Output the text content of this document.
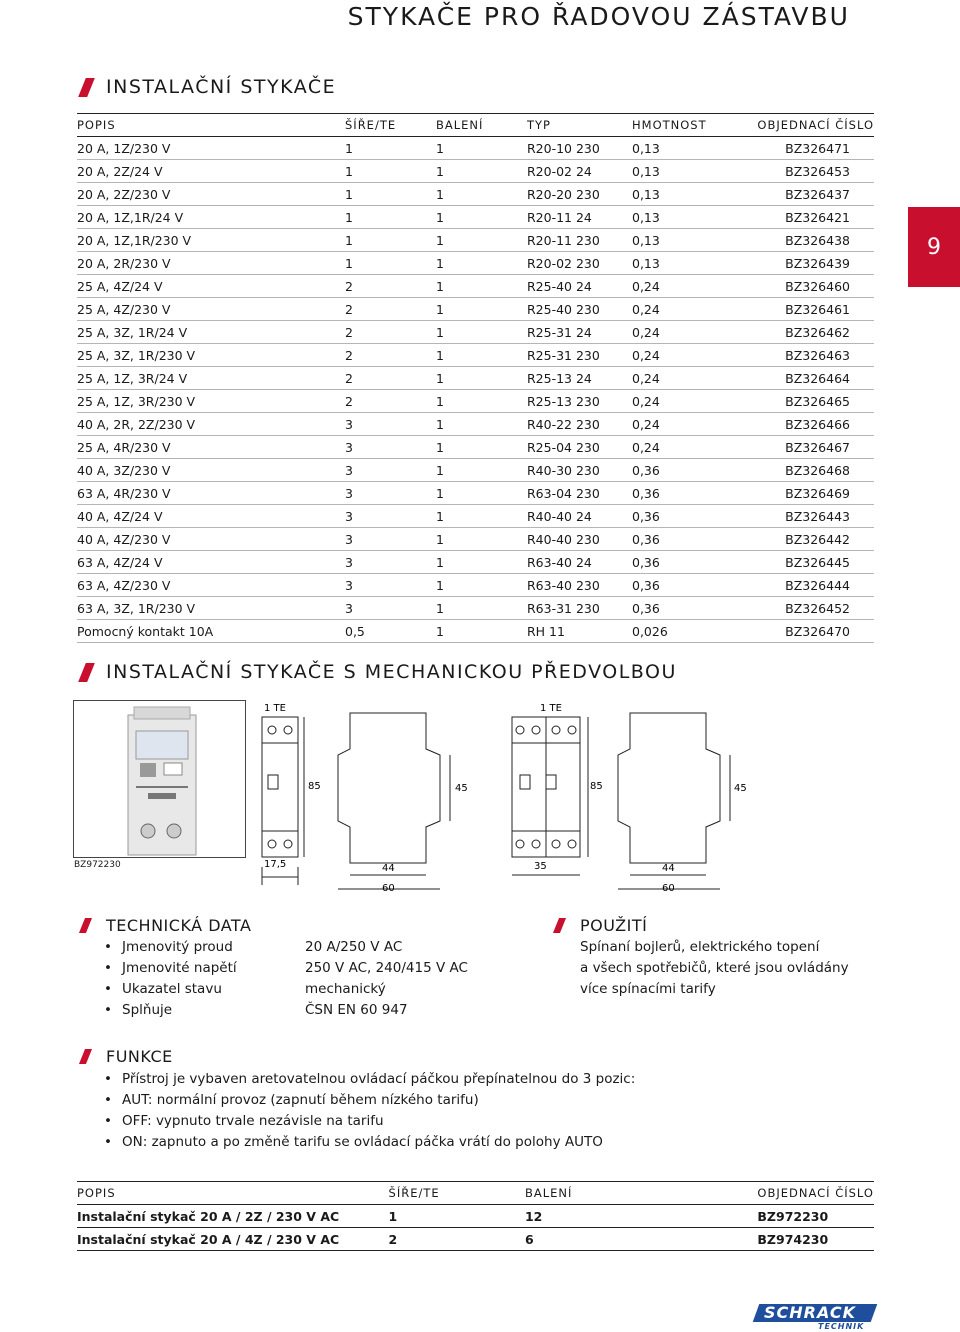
STYKAČE PRO ŘADOVOU ZÁSTAVBU
9
INSTALAČNÍ STYKAČE
POPIS	ŠÍŘE/TE	BALENÍ	TYP	HMOTNOST	OBJEDNACÍ ČÍSLO
20 A, 1Z/230 V	1	1	R20-10 230	0,13	BZ326471
20 A, 2Z/24 V	1	1	R20-02 24	0,13	BZ326453
20 A, 2Z/230 V	1	1	R20-20 230	0,13	BZ326437
20 A, 1Z,1R/24 V	1	1	R20-11 24	0,13	BZ326421
20 A, 1Z,1R/230 V	1	1	R20-11 230	0,13	BZ326438
20 A, 2R/230 V	1	1	R20-02 230	0,13	BZ326439
25 A, 4Z/24 V	2	1	R25-40 24	0,24	BZ326460
25 A, 4Z/230 V	2	1	R25-40 230	0,24	BZ326461
25 A, 3Z, 1R/24 V	2	1	R25-31 24	0,24	BZ326462
25 A, 3Z, 1R/230 V	2	1	R25-31 230	0,24	BZ326463
25 A, 1Z, 3R/24 V	2	1	R25-13 24	0,24	BZ326464
25 A, 1Z, 3R/230 V	2	1	R25-13 230	0,24	BZ326465
40 A, 2R, 2Z/230 V	3	1	R40-22 230	0,24	BZ326466
25 A, 4R/230 V	3	1	R25-04 230	0,24	BZ326467
40 A, 3Z/230 V	3	1	R40-30 230	0,36	BZ326468
63 A, 4R/230 V	3	1	R63-04 230	0,36	BZ326469
40 A, 4Z/24 V	3	1	R40-40 24	0,36	BZ326443
40 A, 4Z/230 V	3	1	R40-40 230	0,36	BZ326442
63 A, 4Z/24 V	3	1	R63-40 24	0,36	BZ326445
63 A, 4Z/230 V	3	1	R63-40 230	0,36	BZ326444
63 A, 3Z, 1R/230 V	3	1	R63-31 230	0,36	BZ326452
Pomocný kontakt 10A	0,5	1	RH 11	0,026	BZ326470
INSTALAČNÍ STYKAČE S MECHANICKOU PŘEDVOLBOU
BZ972230
1 TE	1 TE
85	45	85	45
17,5	44
60
35	44
60
TECHNICKÁ DATA
• Jmenovitý proud	20 A/250 V AC
• Jmenovité napětí	250 V AC, 240/415 V AC
• Ukazatel stavu	mechanický
• Splňuje	ČSN EN 60 947
POUŽITÍ
Spínaní bojlerů, elektrického topení
a všech spotřebičů, které jsou ovládány
více spínacími tarify
FUNKCE
• Přístroj je vybaven aretovatelnou ovládací páčkou přepínatelnou do 3 pozic:
• AUT: normální provoz (zapnutí během nízkého tarifu)
• OFF: vypnuto trvale nezávisle na tarifu
• ON: zapnuto a po změně tarifu se ovládací páčka vrátí do polohy AUTO
POPIS	ŠÍŘE/TE	BALENÍ	OBJEDNACÍ ČÍSLO
Instalační stykač 20 A / 2Z / 230 V AC	1	12	BZ972230
Instalační stykač 20 A / 4Z / 230 V AC	2	6	BZ974230
SCHRACK
TECHNIK
